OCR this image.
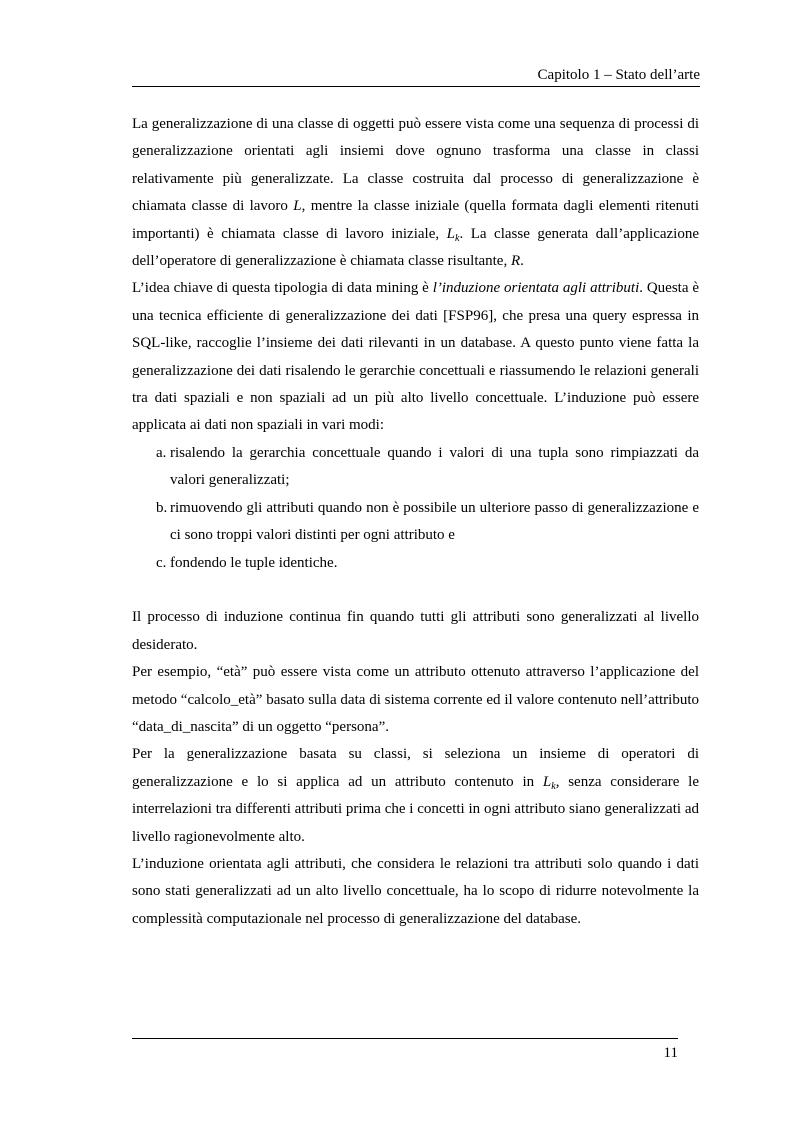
Capitolo 1 – Stato dell’arte

La generalizzazione di una classe di oggetti può essere vista come una sequenza di processi di generalizzazione orientati agli insiemi dove ognuno trasforma una classe in classi relativamente più generalizzate. La classe costruita dal processo di generalizzazione è chiamata classe di lavoro L, mentre la classe iniziale (quella formata dagli elementi ritenuti importanti) è chiamata classe di lavoro iniziale, $L_k$. La classe generata dall’applicazione dell’operatore di generalizzazione è chiamata classe risultante, R.

L’idea chiave di questa tipologia di data mining è l’induzione orientata agli attributi. Questa è una tecnica efficiente di generalizzazione dei dati [FSP96], che presa una query espressa in SQL-like, raccoglie l’insieme dei dati rilevanti in un database. A questo punto viene fatta la generalizzazione dei dati risalendo le gerarchie concettuali e riassumendo le relazioni generali tra dati spaziali e non spaziali ad un più alto livello concettuale. L’induzione può essere applicata ai dati non spaziali in vari modi:

a. risalendo la gerarchia concettuale quando i valori di una tupla sono rimpiazzati da valori generalizzati;
b. rimuovendo gli attributi quando non è possibile un ulteriore passo di generalizzazione e ci sono troppi valori distinti per ogni attributo e
c. fondendo le tuple identiche.

Il processo di induzione continua fin quando tutti gli attributi sono generalizzati al livello desiderato.

Per esempio, “età” può essere vista come un attributo ottenuto attraverso l’applicazione del metodo “calcolo_età” basato sulla data di sistema corrente ed il valore contenuto nell’attributo “data_di_nascita” di un oggetto “persona”.

Per la generalizzazione basata su classi, si seleziona un insieme di operatori di generalizzazione e lo si applica ad un attributo contenuto in $L_k$, senza considerare le interrelazioni tra differenti attributi prima che i concetti in ogni attributo siano generalizzati ad livello ragionevolmente alto.

L’induzione orientata agli attributi, che considera le relazioni tra attributi solo quando i dati sono stati generalizzati ad un alto livello concettuale, ha lo scopo di ridurre notevolmente la complessità computazionale nel processo di generalizzazione del database.

11
